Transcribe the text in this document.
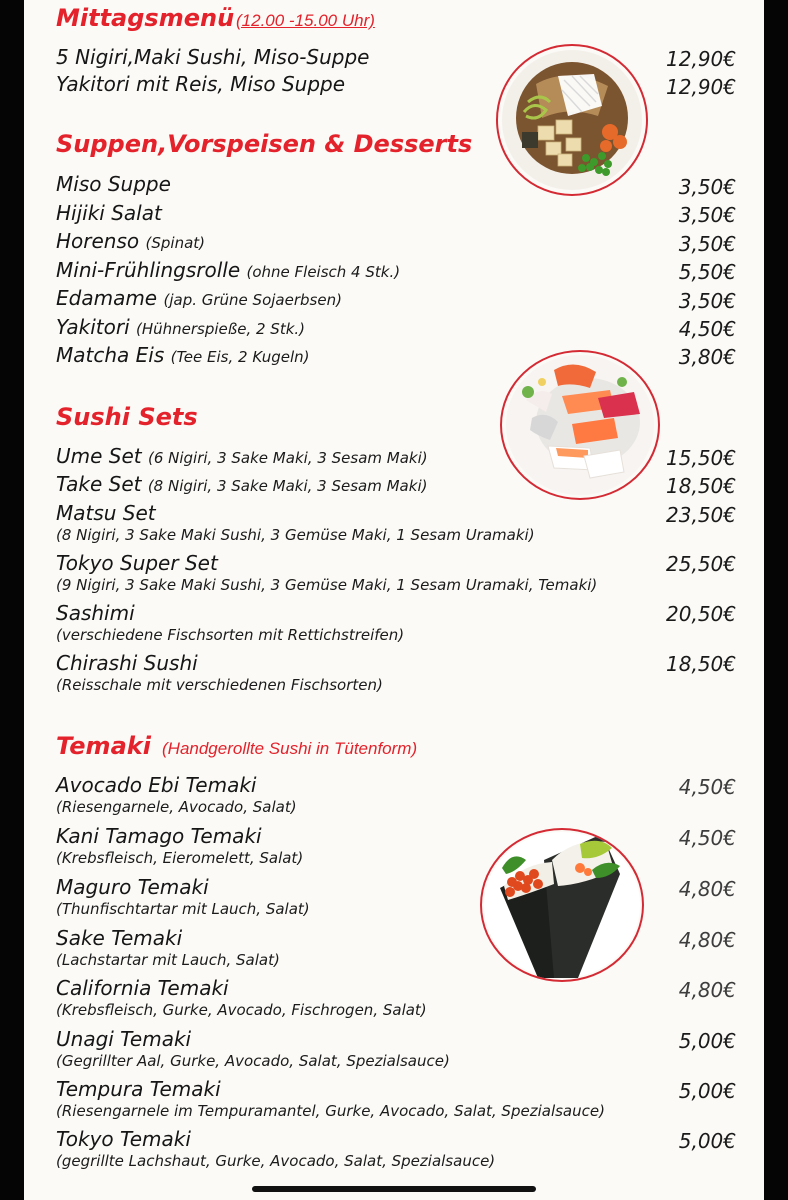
Mittagsmenü (12.00 -15.00 Uhr)
5 Nigiri,Maki Sushi, Miso-Suppe	12,90€
Yakitori mit Reis, Miso Suppe	12,90€
Suppen,Vorspeisen & Desserts
Miso Suppe	3,50€
Hijiki Salat	3,50€
Horenso (Spinat)	3,50€
Mini-Frühlingsrolle (ohne Fleisch 4 Stk.)	5,50€
Edamame (jap. Grüne Sojaerbsen)	3,50€
Yakitori (Hühnerspieße, 2 Stk.)	4,50€
Matcha Eis (Tee Eis, 2 Kugeln)	3,80€
Sushi Sets
Ume Set (6 Nigiri, 3 Sake Maki, 3 Sesam Maki)	15,50€
Take Set (8 Nigiri, 3 Sake Maki, 3 Sesam Maki)	18,50€
Matsu Set	23,50€
(8 Nigiri, 3 Sake Maki Sushi, 3 Gemüse Maki, 1 Sesam Uramaki)
Tokyo Super Set	25,50€
(9 Nigiri, 3 Sake Maki Sushi, 3 Gemüse Maki, 1 Sesam Uramaki, Temaki)
Sashimi	20,50€
(verschiedene Fischsorten mit Rettichstreifen)
Chirashi Sushi	18,50€
(Reisschale mit verschiedenen Fischsorten)
Temaki (Handgerollte Sushi in Tütenform)
Avocado Ebi Temaki	4,50€
(Riesengarnele, Avocado, Salat)
Kani Tamago Temaki	4,50€
(Krebsfleisch, Eieromelett, Salat)
Maguro Temaki	4,80€
(Thunfischtartar mit Lauch, Salat)
Sake Temaki	4,80€
(Lachstartar mit Lauch, Salat)
California Temaki	4,80€
(Krebsfleisch, Gurke, Avocado, Fischrogen, Salat)
Unagi Temaki	5,00€
(Gegrillter Aal, Gurke, Avocado, Salat, Spezialsauce)
Tempura Temaki	5,00€
(Riesengarnele im Tempuramantel, Gurke, Avocado, Salat, Spezialsauce)
Tokyo Temaki	5,00€
(gegrillte Lachshaut, Gurke, Avocado, Salat, Spezialsauce)
